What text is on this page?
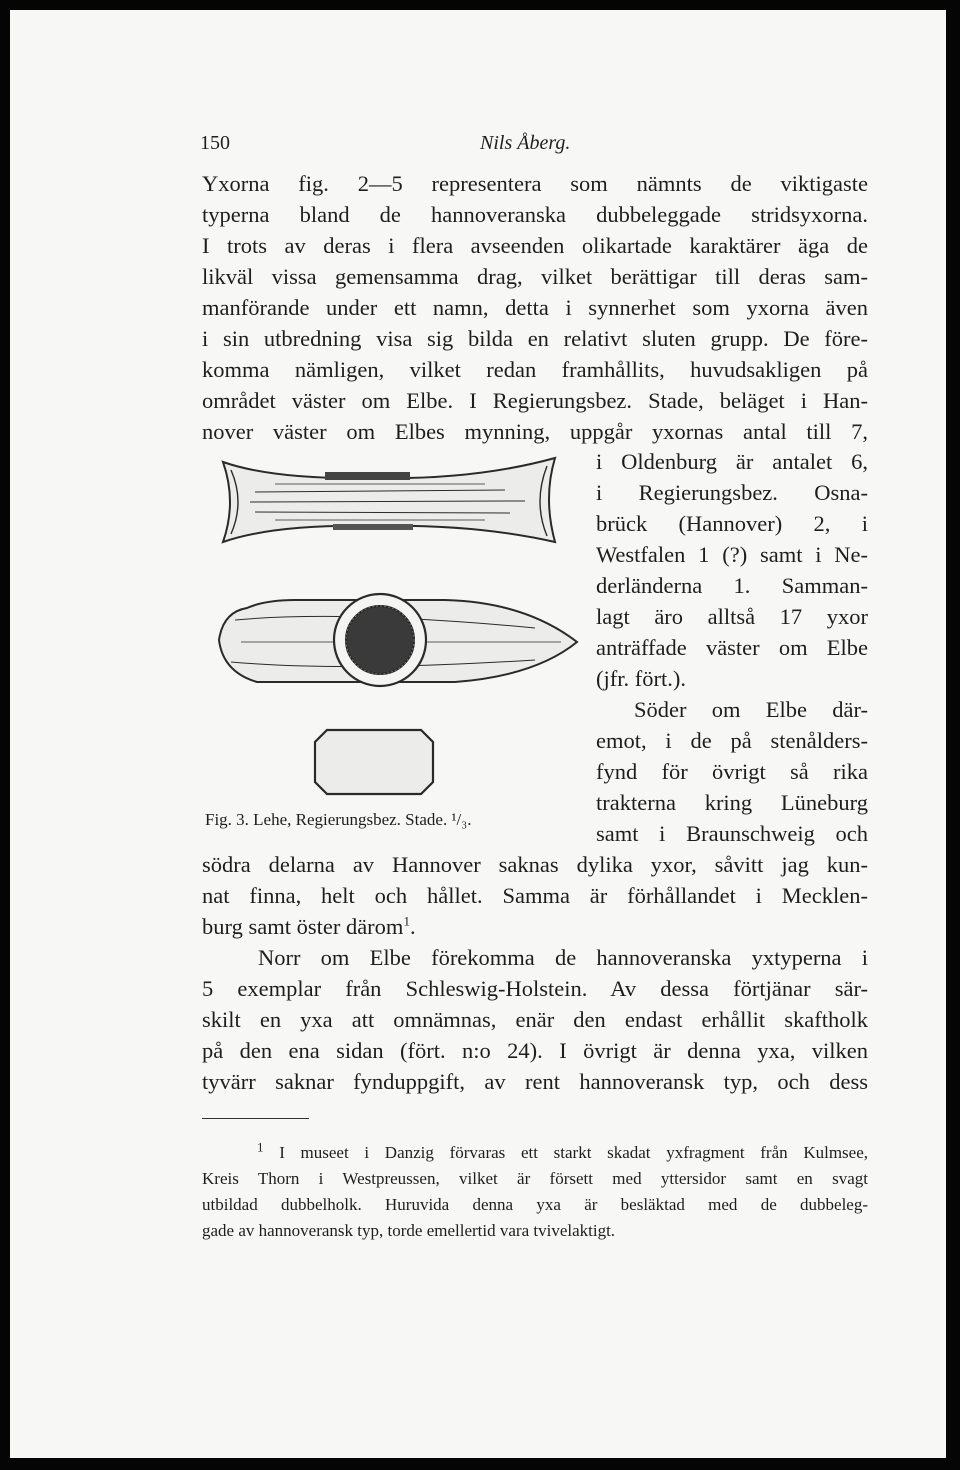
150	Nils Åberg.
Yxorna fig. 2—5 representera som nämnts de viktigaste
typerna bland de hannoveranska dubbeleggade stridsyxorna.
I trots av deras i flera avseenden olikartade karaktärer äga de
likväl vissa gemensamma drag, vilket berättigar till deras sam-
manförande under ett namn, detta i synnerhet som yxorna även
i sin utbredning visa sig bilda en relativt sluten grupp. De före-
komma nämligen, vilket redan framhållits, huvudsakligen på
området väster om Elbe. I Regierungsbez. Stade, beläget i Han-
nover väster om Elbes mynning, uppgår yxornas antal till 7,
i Oldenburg är antalet 6,
i Regierungsbez. Osna-
brück (Hannover) 2, i
Westfalen 1 (?) samt i Ne-
derländerna 1. Samman-
lagt äro alltså 17 yxor
anträffade väster om Elbe
(jfr. fört.).
Söder om Elbe där-
emot, i de på stenålders-
fynd för övrigt så rika
trakterna kring Lüneburg
samt i Braunschweig och
Fig. 3. Lehe, Regierungsbez. Stade. ¹/₃.
södra delarna av Hannover saknas dylika yxor, såvitt jag kun-
nat finna, helt och hållet. Samma är förhållandet i Mecklen-
burg samt öster därom$^1$.
Norr om Elbe förekomma de hannoveranska yxtyperna i
5 exemplar från Schleswig-Holstein. Av dessa förtjänar sär-
skilt en yxa att omnämnas, enär den endast erhållit skaftholk
på den ena sidan (fört. n:o 24). I övrigt är denna yxa, vilken
tyvärr saknar fynduppgift, av rent hannoveransk typ, och dess
$^1$ I museet i Danzig förvaras ett starkt skadat yxfragment från Kulmsee,
Kreis Thorn i Westpreussen, vilket är försett med yttersidor samt en svagt
utbildad dubbelholk. Huruvida denna yxa är besläktad med de dubbeleg-
gade av hannoveransk typ, torde emellertid vara tvivelaktigt.
